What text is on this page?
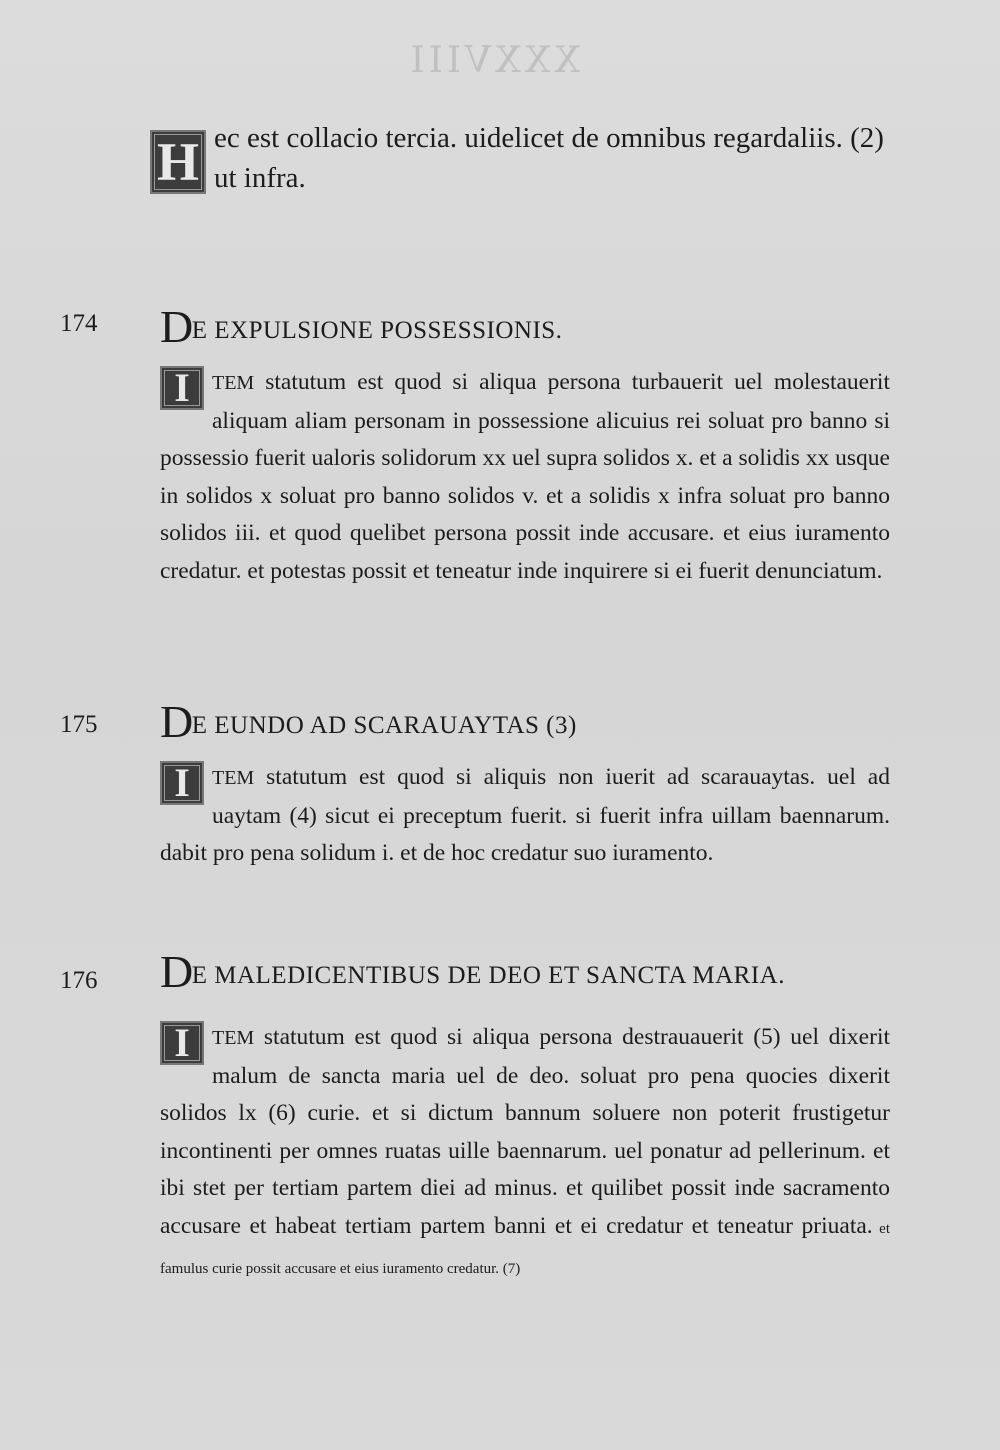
XXXVIII
H ec est collacio tercia. uidelicet de omnibus regardaliis. (2) ut infra.
174 DE EXPULSIONE POSSESSIONIS.
I	TEM statutum est quod si aliqua persona turbauerit uel molestauerit aliquam aliam personam in possessione alicuius rei soluat pro banno si possessio fuerit ualoris solidorum xx uel supra solidos x. et a solidis xx usque in solidos x soluat pro banno solidos v. et a solidis x infra soluat pro banno solidos iii. et quod quelibet persona possit inde accusare. et eius iuramento credatur. et potestas possit et teneatur inde inquirere si ei fuerit denunciatum.
175 DE EUNDO AD SCARAUAYTAS (3)
I	TEM statutum est quod si aliquis non iuerit ad scarauaytas. uel ad uaytam (4) sicut ei preceptum fuerit. si fuerit infra uillam baennarum. dabit pro pena solidum i. et de hoc credatur suo iuramento.
176 DE MALEDICENTIBUS DE DEO ET SANCTA MARIA.
I	TEM statutum est quod si aliqua persona destrauauerit (5) uel dixerit malum de sancta maria uel de deo. soluat pro pena quocies dixerit solidos lx (6) curie. et si dictum bannum soluere non poterit frustigetur incontinenti per omnes ruatas uille baennarum. uel ponatur ad pellerinum. et ibi stet per tertiam partem diei ad minus. et quilibet possit inde sacramento accusare et habeat tertiam partem banni et ei credatur et teneatur priuata. et famulus curie possit accusare et eius iuramento credatur. (7)
